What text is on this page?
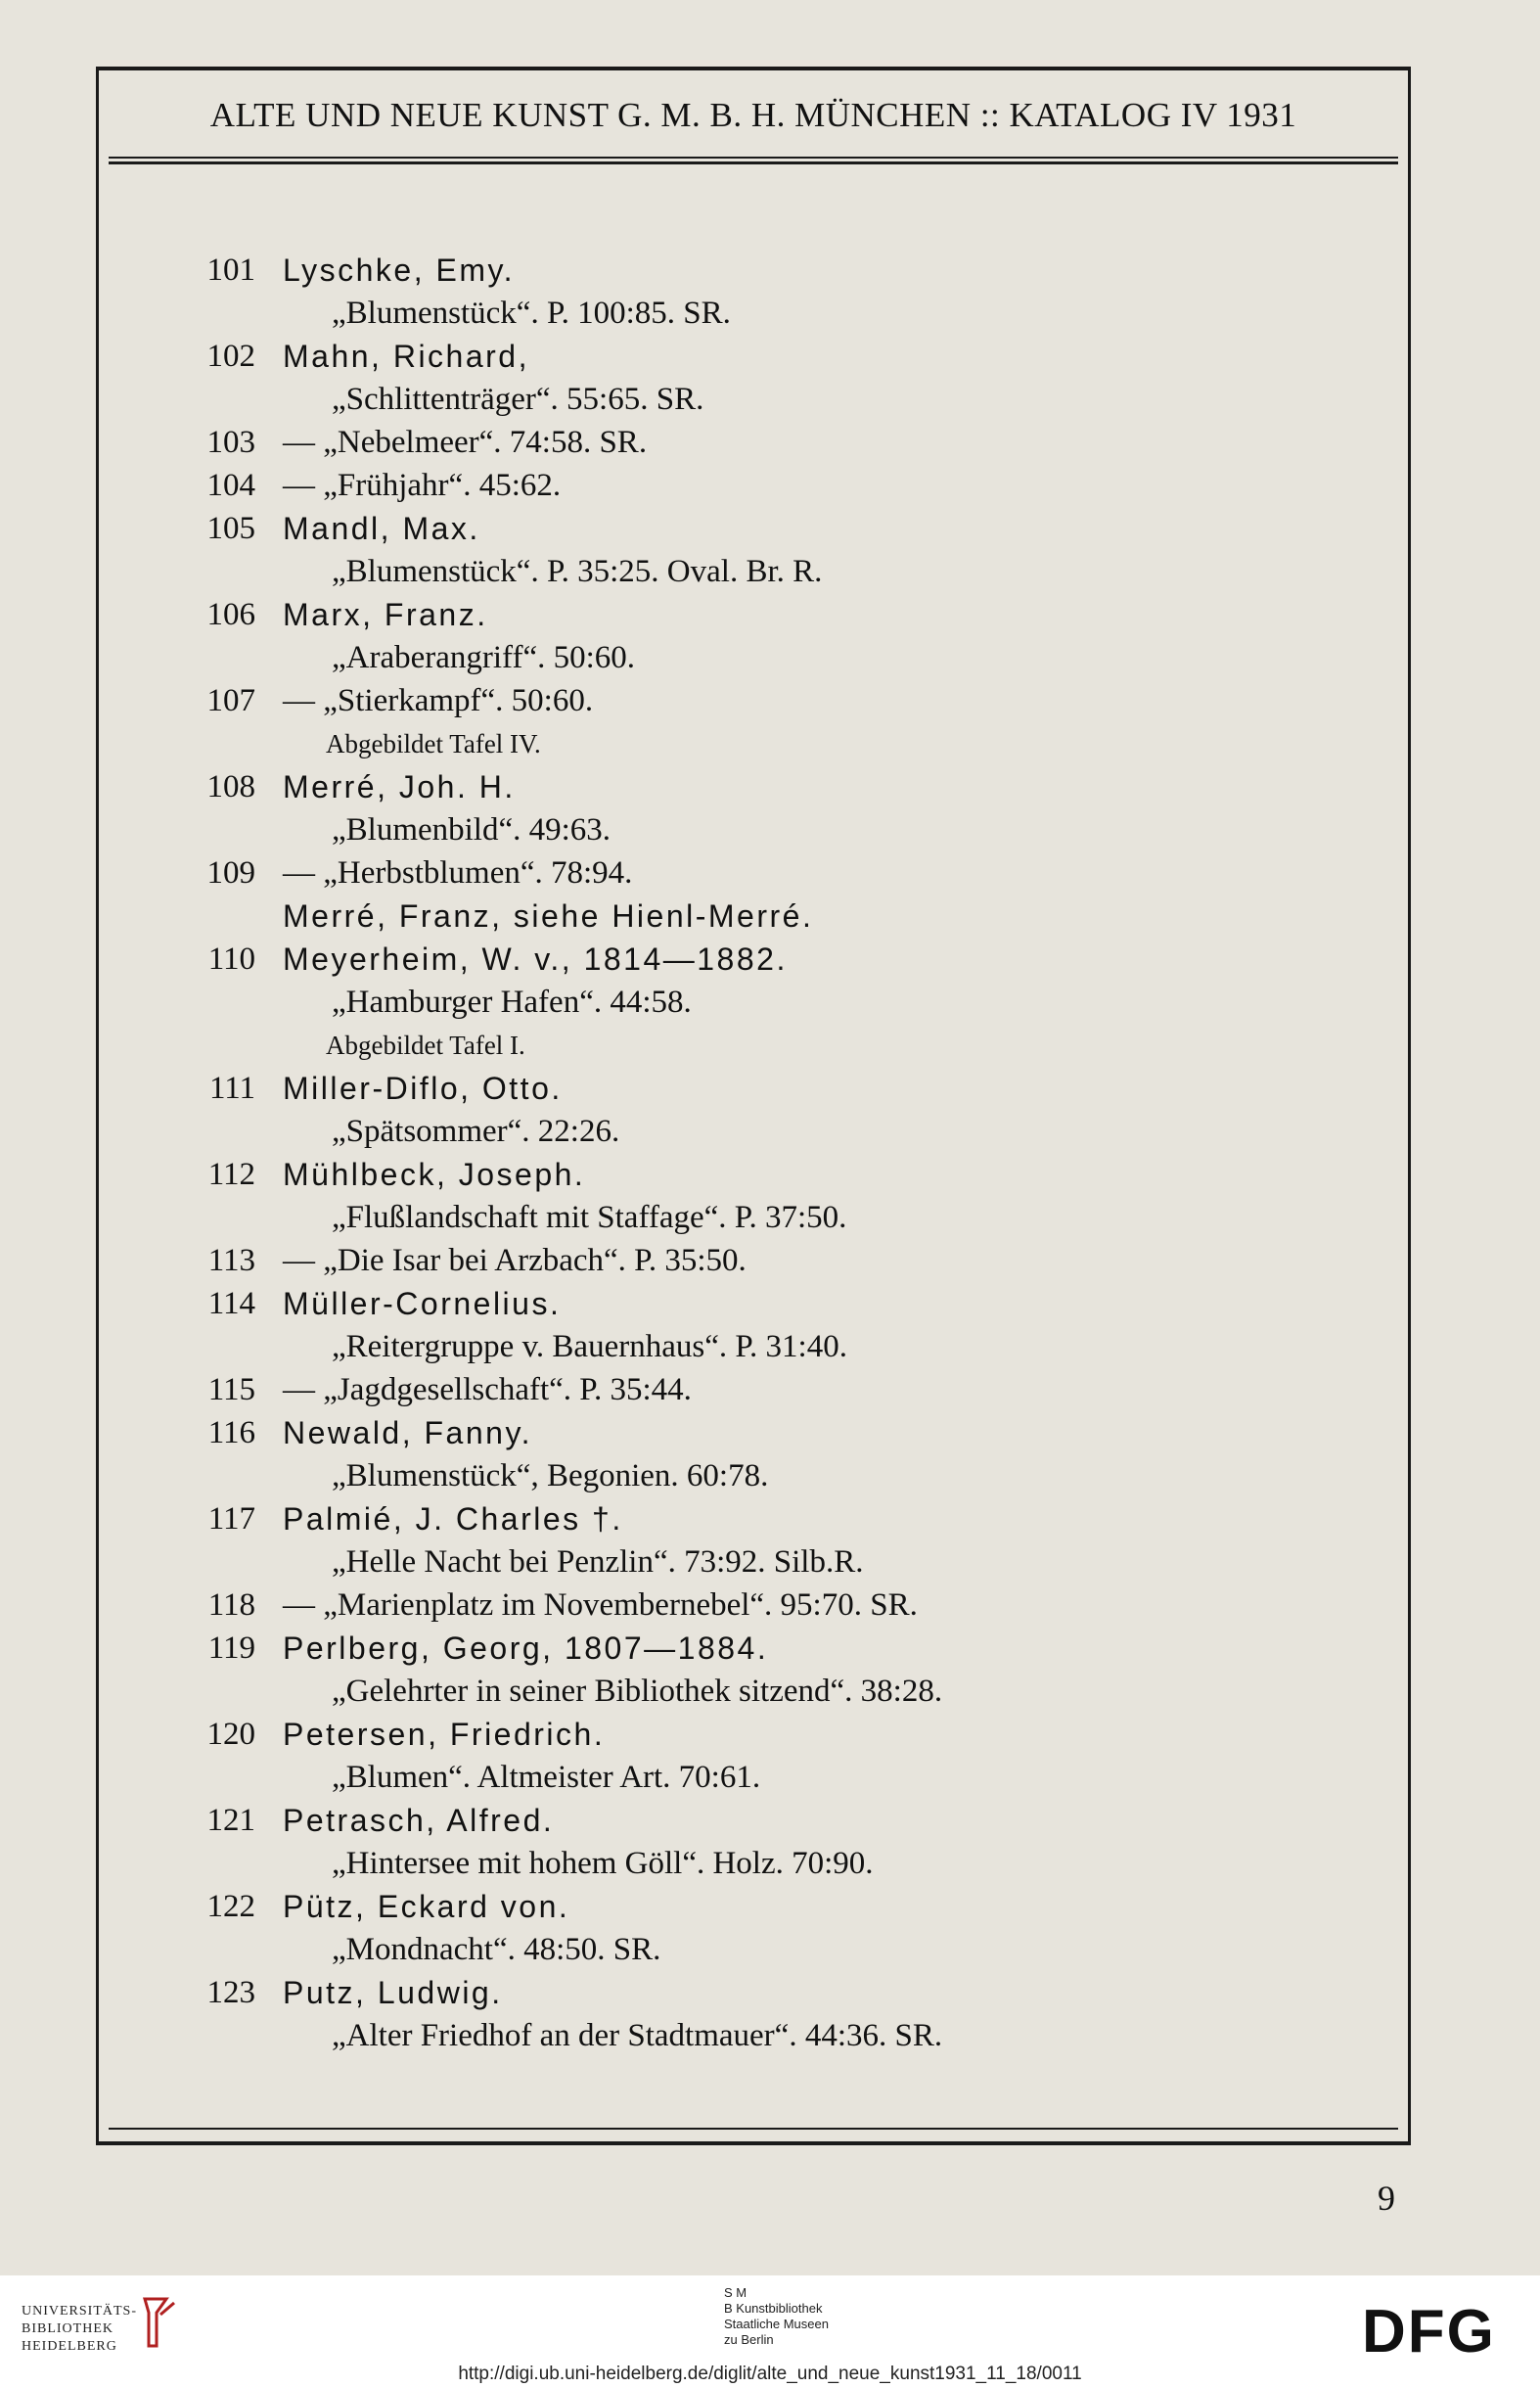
ALTE UND NEUE KUNST G. M. B. H. MÜNCHEN :: KATALOG IV 1931
101 Lyschke, Emy.
„Blumenstück“. P. 100:85. SR.
102 Mahn, Richard,
„Schlittenträger“. 55:65. SR.
103 — „Nebelmeer“. 74:58. SR.
104 — „Frühjahr“. 45:62.
105 Mandl, Max.
„Blumenstück“. P. 35:25. Oval. Br. R.
106 Marx, Franz.
„Araberangriff“. 50:60.
107 — „Stierkampf“. 50:60.
Abgebildet Tafel IV.
108 Merré, Joh. H.
„Blumenbild“. 49:63.
109 — „Herbstblumen“. 78:94.
Merré, Franz, siehe Hienl-Merré.
110 Meyerheim, W. v., 1814—1882.
„Hamburger Hafen“. 44:58.
Abgebildet Tafel I.
111 Miller-Diflo, Otto.
„Spätsommer“. 22:26.
112 Mühlbeck, Joseph.
„Flußlandschaft mit Staffage“. P. 37:50.
113 — „Die Isar bei Arzbach“. P. 35:50.
114 Müller-Cornelius.
„Reitergruppe v. Bauernhaus“. P. 31:40.
115 — „Jagdgesellschaft“. P. 35:44.
116 Newald, Fanny.
„Blumenstück“, Begonien. 60:78.
117 Palmié, J. Charles †.
„Helle Nacht bei Penzlin“. 73:92. Silb.R.
118 — „Marienplatz im Novembernebel“. 95:70. SR.
119 Perlberg, Georg, 1807—1884.
„Gelehrter in seiner Bibliothek sitzend“. 38:28.
120 Petersen, Friedrich.
„Blumen“. Altmeister Art. 70:61.
121 Petrasch, Alfred.
„Hintersee mit hohem Göll“. Holz. 70:90.
122 Pütz, Eckard von.
„Mondnacht“. 48:50. SR.
123 Putz, Ludwig.
„Alter Friedhof an der Stadtmauer“. 44:36. SR.
9
UNIVERSITÄTS-
BIBLIOTHEK
HEIDELBERG
S M
B Kunstbibliothek
Staatliche Museen
zu Berlin	DFG
http://digi.ub.uni-heidelberg.de/diglit/alte_und_neue_kunst1931_11_18/0011
